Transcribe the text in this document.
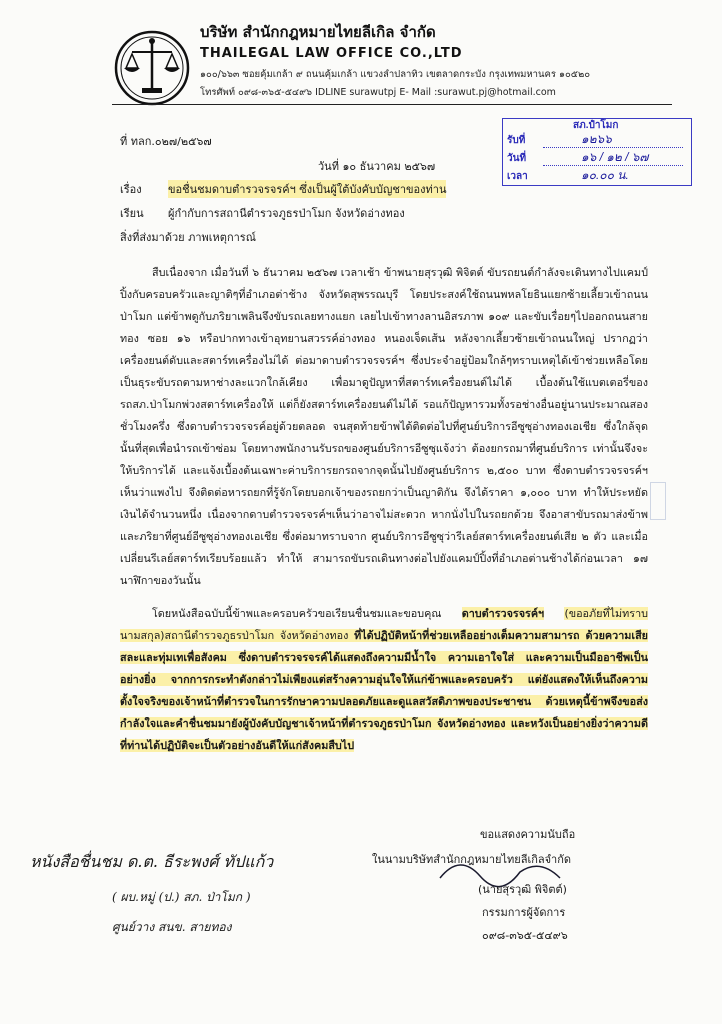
บริษัท สำนักกฎหมายไทยลีเกิล จำกัด
THAILEGAL LAW OFFICE CO.,LTD
๑๐๐/๖๖๓ ซอยคุ้มเกล้า ๙ ถนนคุ้มเกล้า แขวงลำปลาทิว เขตลาดกระบัง กรุงเทพมหานคร ๑๐๕๒๐
โทรศัพท์ ๐๙๘-๓๖๕-๕๔๙๖ IDLINE surawutpj E- Mail :surawut.pj@hotmail.com
ที่ ทลก.๐๒๗/๒๕๖๗
วันที่ ๑๐ ธันวาคม ๒๕๖๗
สภ.ปำโมก
รับที่	๑๒๖๖
วันที่	๑๖ / ๑๒ / ๖๗
เวลา	๑๐.๐๐ น.
เรื่อง ขอชื่นชมดาบตำรวจรจรค์ฯ ซึ่งเป็นผู้ใต้บังคับบัญชาของท่าน
เรียน ผู้กำกับการสถานีตำรวจภูธรป่าโมก จังหวัดอ่างทอง
สิ่งที่ส่งมาด้วย ภาพเหตุการณ์
สืบเนื่องจาก เมื่อวันที่ ๖ ธันวาคม ๒๕๖๗ เวลาเช้า ข้าพนายสุรวุฒิ พิจิตต์ ขับรถยนต์กำลังจะเดินทางไปแคมป์ปิ้งกับครอบครัวและญาติๆที่อำเภอต่าช้าง จังหวัดสุพรรณบุรี โดยประสงค์ใช้ถนนพหลโยธินแยกซ้ายเลี้ยวเข้าถนนป่าโมก แต่ข้าพดูกับภริยาเพลินจึงขับรถเลยทางแยก เลยไปเข้าทางลานอิสรภาพ ๑๐๙ และขับเรื่อยๆไปออกถนนสายทอง ซอย ๑๖ หรือปากทางเข้าอุทยานสวรรค์อ่างทอง หนองเจ็ดเส้น หลังจากเลี้ยวซ้ายเข้าถนนใหญ่ ปรากฏว่าเครื่องยนต์ดับและสตาร์ทเครื่องไม่ได้ ต่อมาดาบตำรวจรจรค์ฯ ซึ่งประจำอยู่ป้อมใกล้ๆทราบเหตุได้เข้าช่วยเหลือโดยเป็นธุระขับรถตามหาช่างละแวกใกล้เคียง เพื่อมาดูปัญหาที่สตาร์ทเครื่องยนต์ไม่ได้ เบื้องต้นใช้แบตเตอรี่ของรถสภ.ป่าโมกพ่วงสตาร์ทเครื่องให้ แต่ก็ยังสตาร์ทเครื่องยนต์ไม่ได้ รอแก้ปัญหารวมทั้งรอช่างอื่นอยู่นานประมาณสองชั่วโมงครึ่ง ซึ่งดาบตำรวจรจรค์อยู่ด้วยตลอด จนสุดท้ายข้าพได้ติดต่อไปที่ศูนย์บริการอีซูซุอ่างทองเอเชีย ซึ่งใกล้จุดนั้นที่สุดเพื่อนำรถเข้าซ่อม โดยทางพนักงานรับรถของศูนย์บริการอีซูซุแจ้งว่า ต้องยกรถมาที่ศูนย์บริการ เท่านั้นจึงจะให้บริการได้ และแจ้งเบื้องต้นเฉพาะค่าบริการยกรถจากจุดนั้นไปยังศูนย์บริการ ๒,๕๐๐ บาท ซึ่งดาบตำรวจรจรค์ฯเห็นว่าแพงไป จึงติดต่อหารถยกที่รู้จักโดยบอกเจ้าของรถยกว่าเป็นญาติกัน จึงได้ราคา ๑,๐๐๐ บาท ทำให้ประหยัดเงินได้จำนวนหนึ่ง เนื่องจากดาบตำรวจรจรค์ฯเห็นว่าอาจไม่สะดวก หากนั่งไปในรถยกด้วย จึงอาสาขับรถมาส่งข้าพและภริยาที่ศูนย์อีซูซุอ่างทองเอเชีย ซึ่งต่อมาทราบจาก ศูนย์บริการอีซูซุว่ารีเลย์สตาร์ทเครื่องยนต์เสีย ๒ ตัว และเมื่อเปลี่ยนรีเลย์สตาร์ทเรียบร้อยแล้ว ทำให้ สามารถขับรถเดินทางต่อไปยังแคมป์ปิ้งที่อำเภอต่านช้างได้ก่อนเวลา ๑๗ นาฬิกาของวันนั้น
โดยหนังสือฉบับนี้ข้าพและครอบครัวขอเรียนชื่นชมและขอบคุณ ดาบตำรวจรจรค์ฯ (ขออภัยที่ไม่ทราบนามสกุล)สถานีตำรวจภูธรป่าโมก จังหวัดอ่างทอง ที่ได้ปฏิบัติหน้าที่ช่วยเหลืออย่างเต็มความสามารถ ด้วยความเสียสละและทุ่มเทเพื่อสังคม ซึ่งดาบตำรวจรจรค์ได้แสดงถึงความมีน้ำใจ ความเอาใจใส่ และความเป็นมืออาชีพเป็นอย่างยิ่ง จากการกระทำดังกล่าวไม่เพียงแต่สร้างความอุ่นใจให้แก่ข้าพและครอบครัว แต่ยังแสดงให้เห็นถึงความตั้งใจจริงของเจ้าหน้าที่ตำรวจในการรักษาความปลอดภัยและดูแลสวัสดิภาพของประชาชน ด้วยเหตุนี้ข้าพจึงขอส่งกำลังใจและคำชื่นชมมายังผู้บังคับบัญชาเจ้าหน้าที่ตำรวจภูธรป่าโมก จังหวัดอ่างทอง และหวังเป็นอย่างยิ่งว่าความดีที่ท่านได้ปฏิบัติจะเป็นตัวอย่างอันดีให้แก่สังคมสืบไป
ขอแสดงความนับถือ
ในนามบริษัทสำนักกฎหมายไทยลีเกิลจำกัด
(นายสุรวุฒิ พิจิตต์)
กรรมการผู้จัดการ
๐๙๘-๓๖๕-๕๔๙๖
หนังสือชื่นชม ด.ต. ธีระพงศ์ ทัปแก้ว
( ผบ.หมู่ (ป.) สภ. ป่าโมก )
ศูนย์วาง สนข. สายทอง
